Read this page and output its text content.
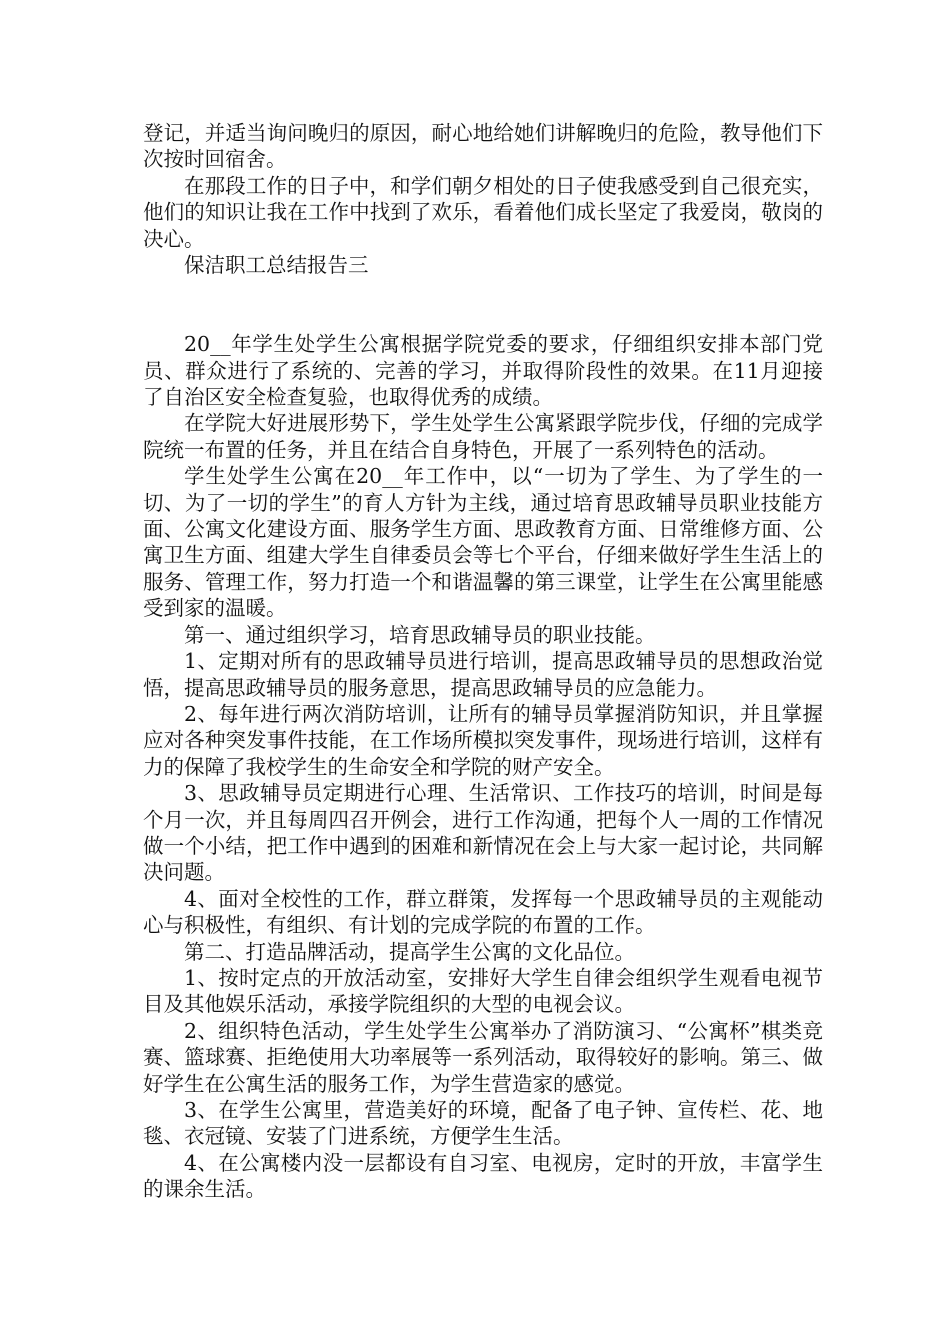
登记，并适当询问晚归的原因，耐心地给她们讲解晚归的危险，教导他们下次按时回宿舍。

在那段工作的日子中，和学们朝夕相处的日子使我感受到自己很充实，他们的知识让我在工作中找到了欢乐，看着他们成长坚定了我爱岗，敬岗的决心。

保洁职工总结报告三

20__年学生处学生公寓根据学院党委的要求，仔细组织安排本部门党员、群众进行了系统的、完善的学习，并取得阶段性的效果。在11月迎接了自治区安全检查复验，也取得优秀的成绩。

在学院大好进展形势下，学生处学生公寓紧跟学院步伐，仔细的完成学院统一布置的任务，并且在结合自身特色，开展了一系列特色的活动。

学生处学生公寓在20__年工作中，以“一切为了学生、为了学生的一切、为了一切的学生”的育人方针为主线，通过培育思政辅导员职业技能方面、公寓文化建设方面、服务学生方面、思政教育方面、日常维修方面、公寓卫生方面、组建大学生自律委员会等七个平台，仔细来做好学生生活上的服务、管理工作，努力打造一个和谐温馨的第三课堂，让学生在公寓里能感受到家的温暖。

第一、通过组织学习，培育思政辅导员的职业技能。

1、定期对所有的思政辅导员进行培训，提高思政辅导员的思想政治觉悟，提高思政辅导员的服务意思，提高思政辅导员的应急能力。

2、每年进行两次消防培训，让所有的辅导员掌握消防知识，并且掌握应对各种突发事件技能，在工作场所模拟突发事件，现场进行培训，这样有力的保障了我校学生的生命安全和学院的财产安全。

3、思政辅导员定期进行心理、生活常识、工作技巧的培训，时间是每个月一次，并且每周四召开例会，进行工作沟通，把每个人一周的工作情况做一个小结，把工作中遇到的困难和新情况在会上与大家一起讨论，共同解决问题。

4、面对全校性的工作，群立群策，发挥每一个思政辅导员的主观能动心与积极性，有组织、有计划的完成学院的布置的工作。

第二、打造品牌活动，提高学生公寓的文化品位。

1、按时定点的开放活动室，安排好大学生自律会组织学生观看电视节目及其他娱乐活动，承接学院组织的大型的电视会议。

2、组织特色活动，学生处学生公寓举办了消防演习、“公寓杯”棋类竞赛、篮球赛、拒绝使用大功率展等一系列活动，取得较好的影响。第三、做好学生在公寓生活的服务工作，为学生营造家的感觉。

3、在学生公寓里，营造美好的环境，配备了电子钟、宣传栏、花、地毯、衣冠镜、安装了门进系统，方便学生生活。

4、在公寓楼内没一层都设有自习室、电视房，定时的开放，丰富学生的课余生活。
